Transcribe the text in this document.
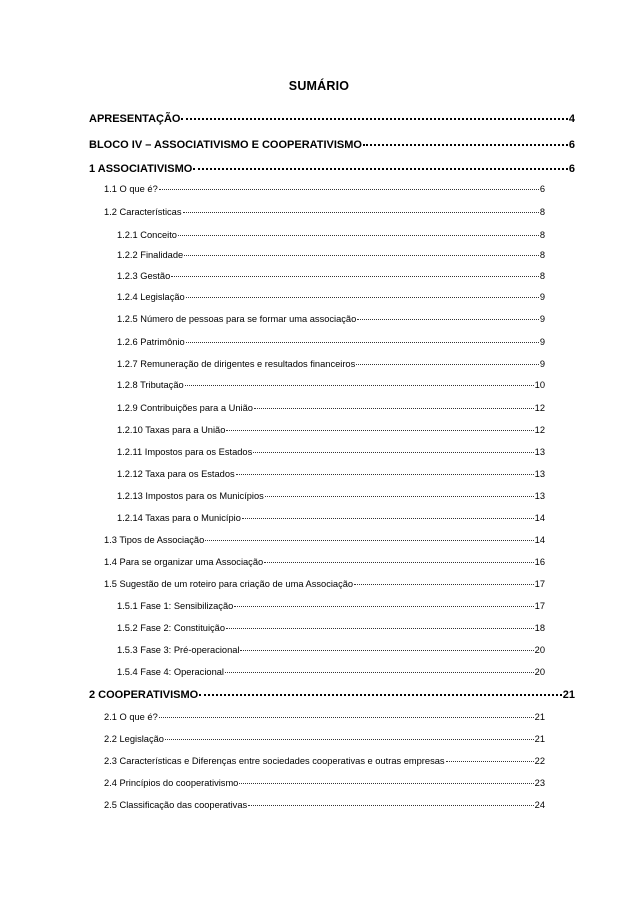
SUMÁRIO
APRESENTAÇÃO	4
BLOCO IV – ASSOCIATIVISMO E COOPERATIVISMO	6
1 ASSOCIATIVISMO	6
1.1 O que é?	6
1.2 Características	8
1.2.1 Conceito	8
1.2.2 Finalidade	8
1.2.3 Gestão	8
1.2.4 Legislação	9
1.2.5 Número de pessoas para se formar uma associação	9
1.2.6 Patrimônio	9
1.2.7 Remuneração de dirigentes e resultados financeiros	9
1.2.8 Tributação	10
1.2.9 Contribuições para a União	12
1.2.10 Taxas para a União	12
1.2.11 Impostos para os Estados	13
1.2.12 Taxa para os Estados	13
1.2.13 Impostos para os Municípios	13
1.2.14 Taxas para o Município	14
1.3 Tipos de Associação	14
1.4 Para se organizar uma Associação	16
1.5 Sugestão de um roteiro para criação de uma Associação	17
1.5.1 Fase 1: Sensibilização	17
1.5.2 Fase 2: Constituição	18
1.5.3 Fase 3: Pré-operacional	20
1.5.4 Fase 4: Operacional	20
2 COOPERATIVISMO	21
2.1 O que é?	21
2.2 Legislação	21
2.3 Características e Diferenças entre sociedades cooperativas e outras empresas	22
2.4 Princípios do cooperativismo	23
2.5 Classificação das cooperativas	24
